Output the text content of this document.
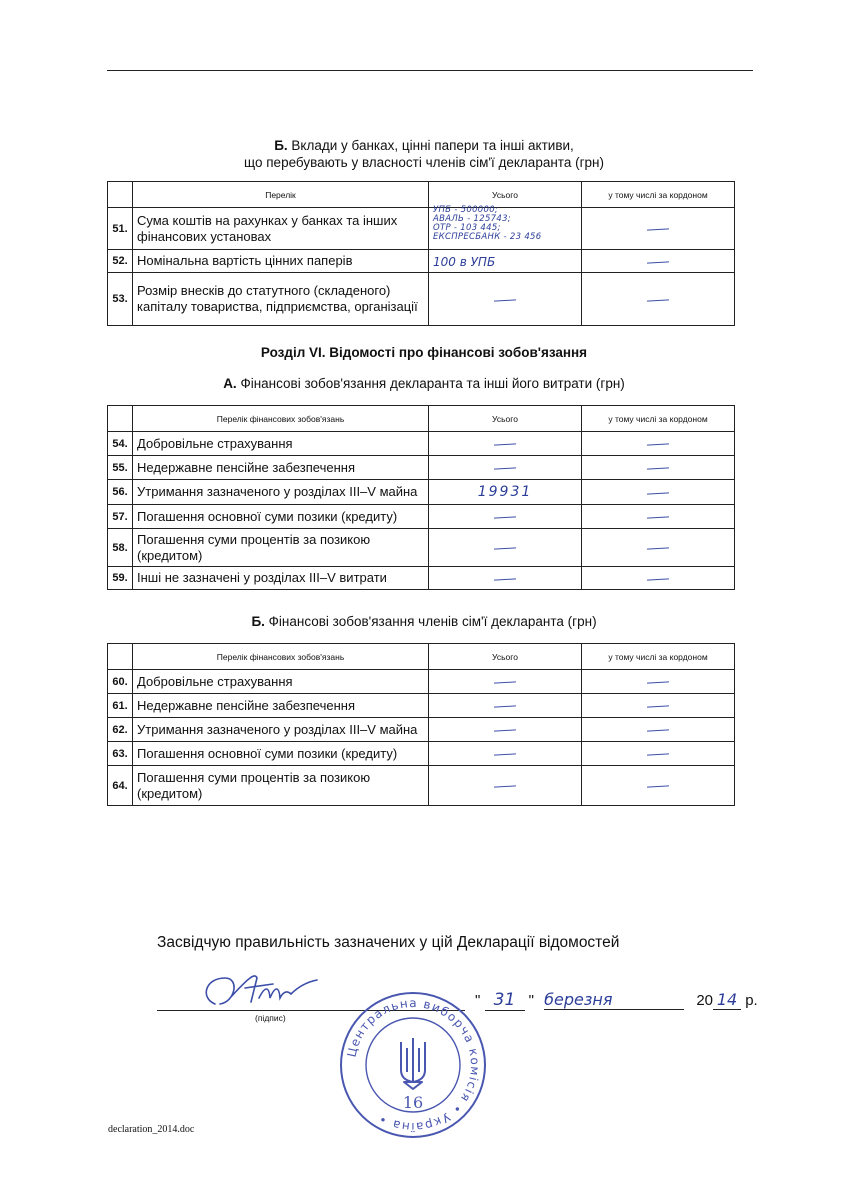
Б. Вклади у банках, цінні папери та інші активи,
що перебувають у власності членів сім'ї декларанта (грн)
	Перелік	Усього	у тому числі за кордоном
51.	Сума коштів на рахунках у банках та інших фінансових установах	УПБ - 500000;
АВАЛЬ - 125743;
ОТР - 103 445;
ЕКСПРЕСБАНК - 23 456	

52.	Номінальна вартість цінних паперів	100 в УПБ	
53.	Розмір внесків до статутного (складеного) капіталу товариства, підприємства, організації		
Розділ VI. Відомості про фінансові зобов'язання
А. Фінансові зобов'язання декларанта та інші його витрати (грн)
	Перелік фінансових зобов'язань	Усього	у тому числі за кордоном
54.	Добровільне страхування		
55.	Недержавне пенсійне забезпечення		
56.	Утримання зазначеного у розділах III–V майна	19931	
57.	Погашення основної суми позики (кредиту)		
58.	Погашення суми процентів за позикою (кредитом)		
59.	Інші не зазначені у розділах III–V витрати		
Б. Фінансові зобов'язання членів сім'ї декларанта (грн)
	Перелік фінансових зобов'язань	Усього	у тому числі за кордоном
60.	Добровільне страхування		
61.	Недержавне пенсійне забезпечення		
62.	Утримання зазначеного у розділах III–V майна		
63.	Погашення основної суми позики (кредиту)		
64.	Погашення суми процентів за позикою (кредитом)		
Засвідчую правильність зазначених у цій Декларації відомостей
(підпис)
" 31 " березня	20 14 р.
Центральна виборча комісія • Україна •
16
declaration_2014.doc
